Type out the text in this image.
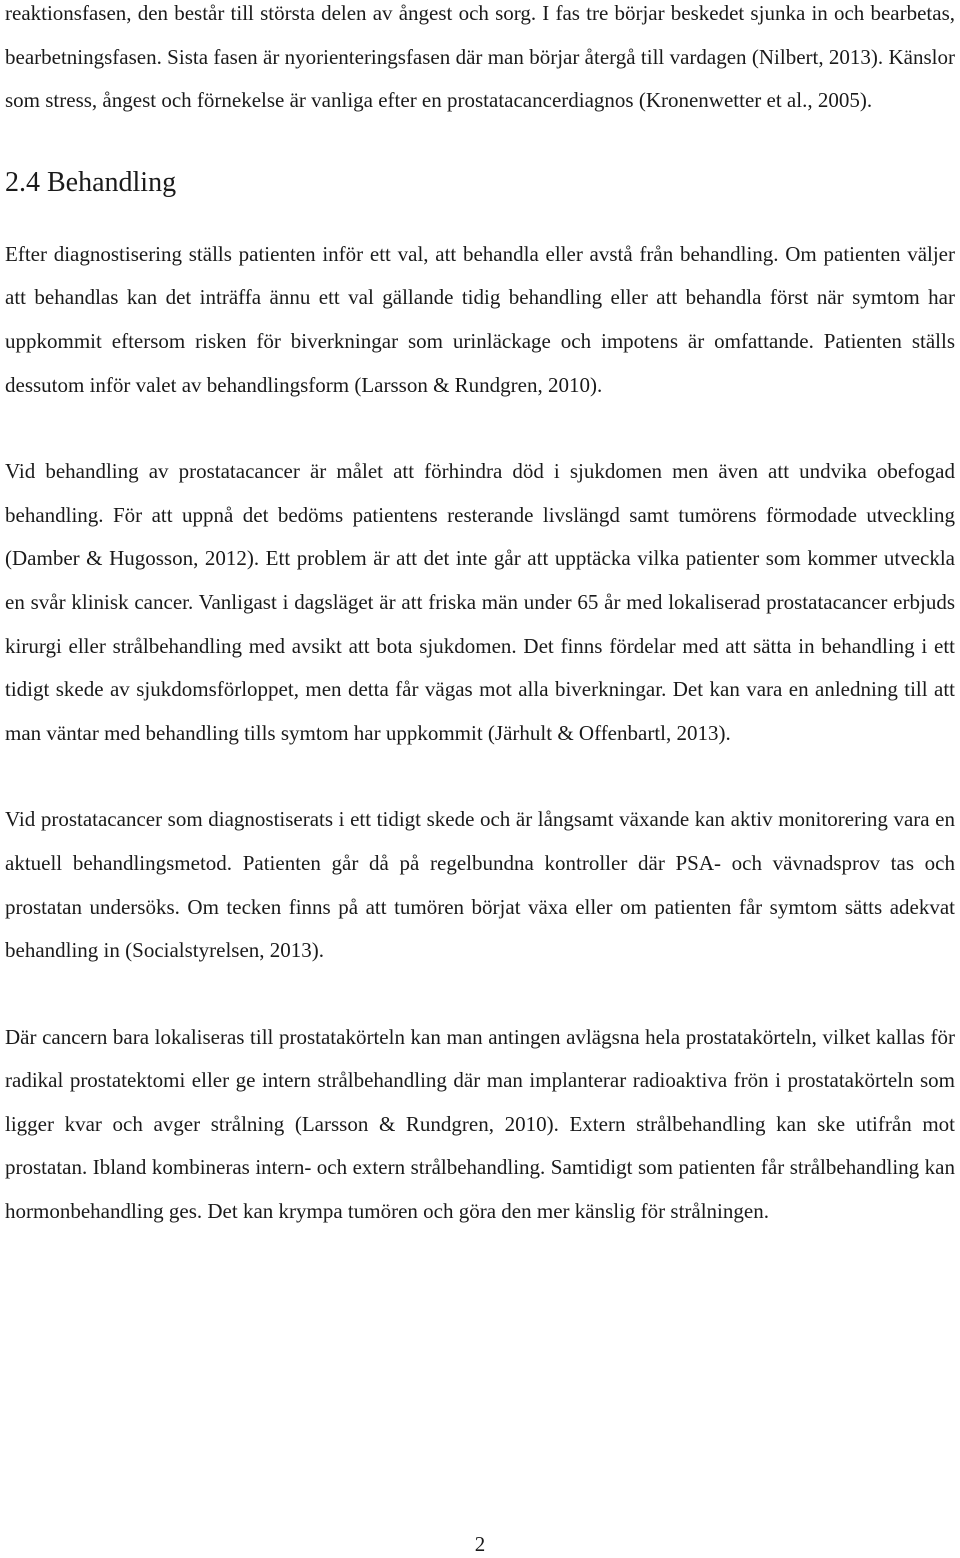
reaktionsfasen, den består till största delen av ångest och sorg. I fas tre börjar beskedet sjunka in och bearbetas, bearbetningsfasen. Sista fasen är nyorienteringsfasen där man börjar återgå till vardagen (Nilbert, 2013). Känslor som stress, ångest och förnekelse är vanliga efter en prostatacancerdiagnos (Kronenwetter et al., 2005).

2.4 Behandling

Efter diagnostisering ställs patienten inför ett val, att behandla eller avstå från behandling. Om patienten väljer att behandlas kan det inträffa ännu ett val gällande tidig behandling eller att behandla först när symtom har uppkommit eftersom risken för biverkningar som urinläckage och impotens är omfattande. Patienten ställs dessutom inför valet av behandlingsform (Larsson & Rundgren, 2010).

Vid behandling av prostatacancer är målet att förhindra död i sjukdomen men även att undvika obefogad behandling. För att uppnå det bedöms patientens resterande livslängd samt tumörens förmodade utveckling (Damber & Hugosson, 2012). Ett problem är att det inte går att upptäcka vilka patienter som kommer utveckla en svår klinisk cancer. Vanligast i dagsläget är att friska män under 65 år med lokaliserad prostatacancer erbjuds kirurgi eller strålbehandling med avsikt att bota sjukdomen. Det finns fördelar med att sätta in behandling i ett tidigt skede av sjukdomsförloppet, men detta får vägas mot alla biverkningar. Det kan vara en anledning till att man väntar med behandling tills symtom har uppkommit (Järhult & Offenbartl, 2013).

Vid prostatacancer som diagnostiserats i ett tidigt skede och är långsamt växande kan aktiv monitorering vara en aktuell behandlingsmetod. Patienten går då på regelbundna kontroller där PSA- och vävnadsprov tas och prostatan undersöks. Om tecken finns på att tumören börjat växa eller om patienten får symtom sätts adekvat behandling in (Socialstyrelsen, 2013).

Där cancern bara lokaliseras till prostatakörteln kan man antingen avlägsna hela prostatakörteln, vilket kallas för radikal prostatektomi eller ge intern strålbehandling där man implanterar radioaktiva frön i prostatakörteln som ligger kvar och avger strålning (Larsson & Rundgren, 2010). Extern strålbehandling kan ske utifrån mot prostatan. Ibland kombineras intern- och extern strålbehandling. Samtidigt som patienten får strålbehandling kan hormonbehandling ges. Det kan krympa tumören och göra den mer känslig för strålningen.

2
